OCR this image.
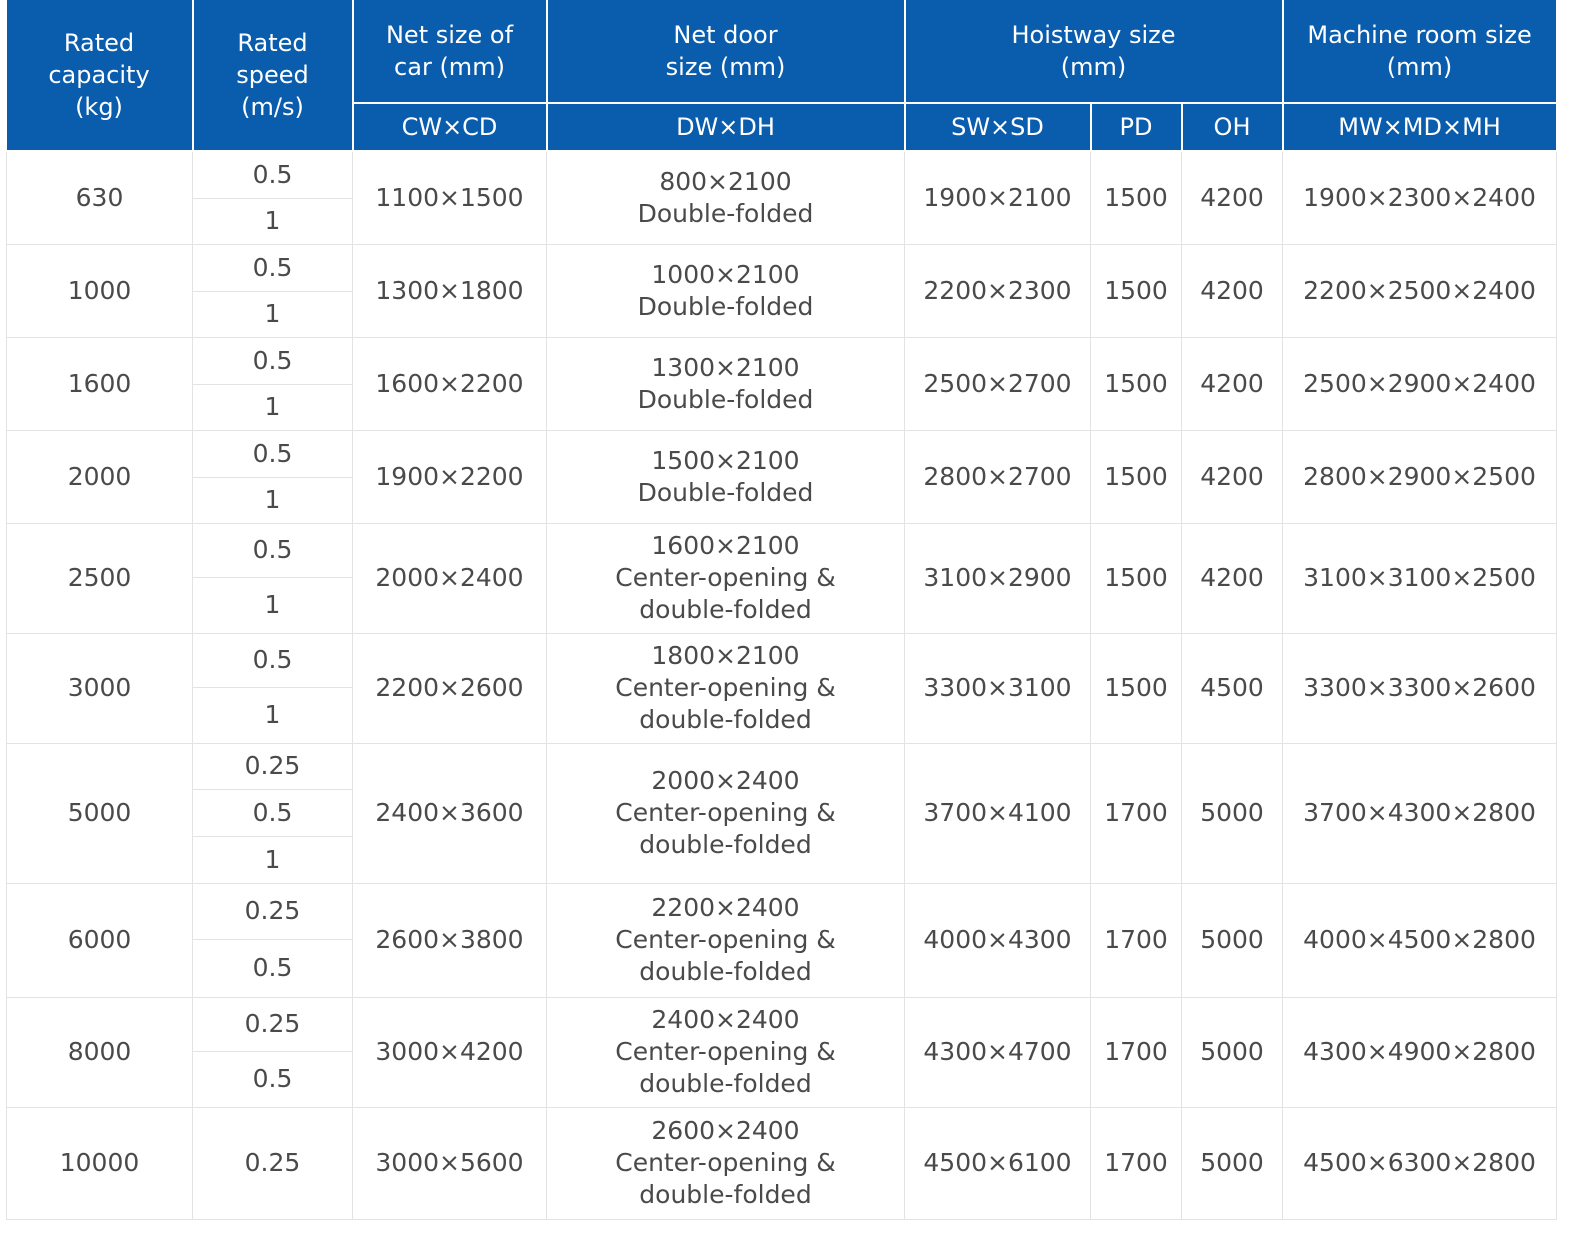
Rated capacity (kg)	Rated speed (m/s)	Net size of car (mm)	Net door size (mm)	Hoistway size (mm)			Machine room size (mm)
		CW×CD	DW×DH	SW×SD	PD	OH	MW×MD×MH
630	0.5	1100×1500	800×2100 Double-folded	1900×2100	1500	4200	1900×2300×2400
	1						
1000	0.5	1300×1800	1000×2100 Double-folded	2200×2300	1500	4200	2200×2500×2400
	1						
1600	0.5	1600×2200	1300×2100 Double-folded	2500×2700	1500	4200	2500×2900×2400
	1						
2000	0.5	1900×2200	1500×2100 Double-folded	2800×2700	1500	4200	2800×2900×2500
	1						
2500	0.5	2000×2400	1600×2100 Center-opening & double-folded	3100×2900	1500	4200	3100×3100×2500
	1						
3000	0.5	2200×2600	1800×2100 Center-opening & double-folded	3300×3100	1500	4500	3300×3300×2600
	1						
5000	0.25	2400×3600	2000×2400 Center-opening & double-folded	3700×4100	1700	5000	3700×4300×2800
	0.5						
	1						
6000	0.25	2600×3800	2200×2400 Center-opening & double-folded	4000×4300	1700	5000	4000×4500×2800
	0.5						
8000	0.25	3000×4200	2400×2400 Center-opening & double-folded	4300×4700	1700	5000	4300×4900×2800
	0.5						
10000	0.25	3000×5600	2600×2400 Center-opening & double-folded	4500×6100	1700	5000	4500×6300×2800
